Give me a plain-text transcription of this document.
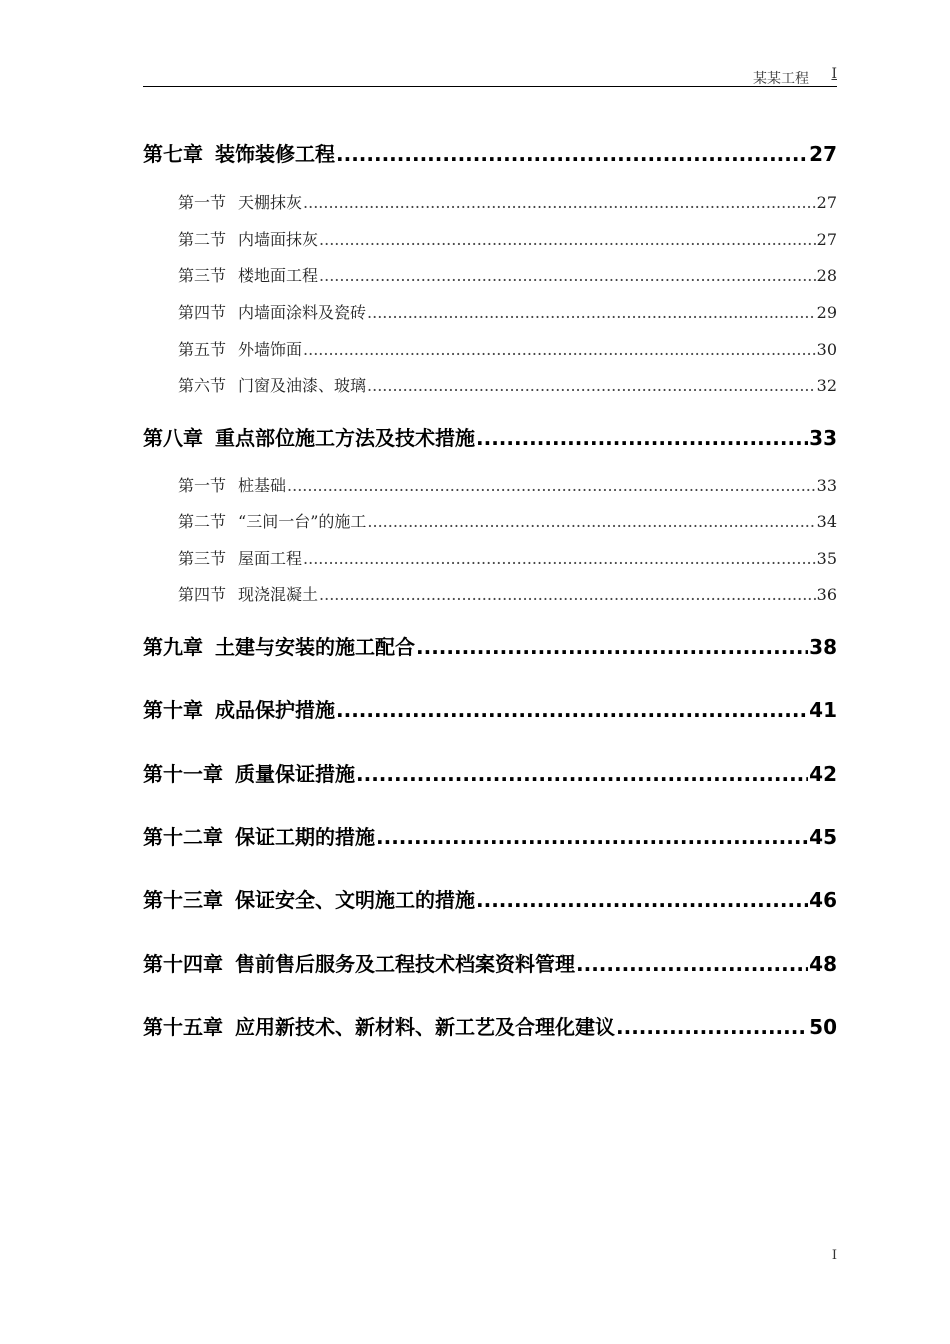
某某工程 I
第七章 装饰装修工程 .....	27
第一节 天棚抹灰 .....	27
第二节 内墙面抹灰 .....	27
第三节 楼地面工程 .....	28
第四节 内墙面涂料及瓷砖 .....	29
第五节 外墙饰面 .....	30
第六节 门窗及油漆、玻璃 .....	32
第八章 重点部位施工方法及技术措施 .....	33
第一节 桩基础 .....	33
第二节 “三间一台”的施工 .....	34
第三节 屋面工程 .....	35
第四节 现浇混凝土 .....	36
第九章 土建与安装的施工配合 .....	38
第十章 成品保护措施 .....	41
第十一章 质量保证措施 .....	42
第十二章 保证工期的措施 .....	45
第十三章 保证安全、文明施工的措施 .....	46
第十四章 售前售后服务及工程技术档案资料管理 .....	48
第十五章 应用新技术、新材料、新工艺及合理化建议 .....	50
I
